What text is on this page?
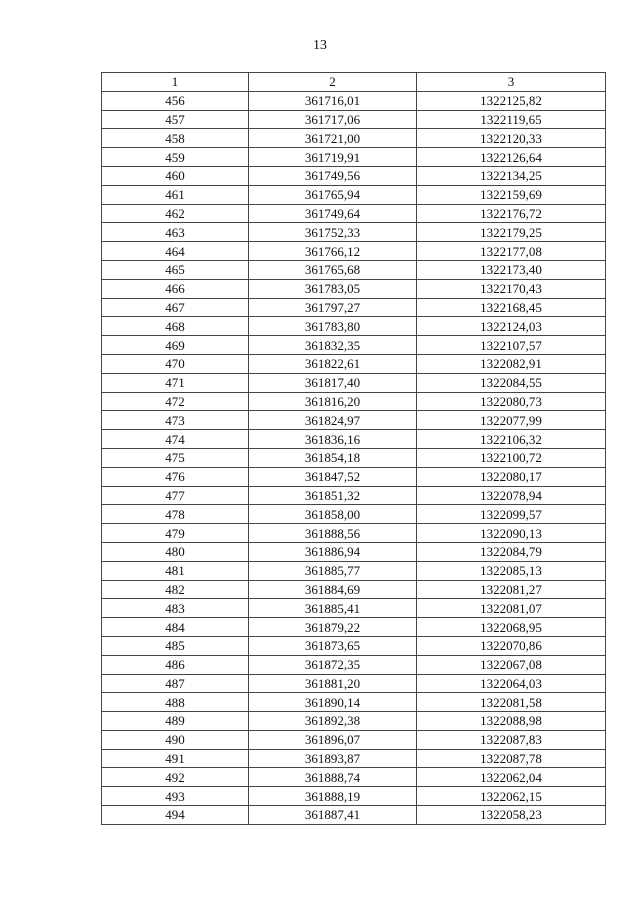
13
1	2	3
456	361716,01	1322125,82
457	361717,06	1322119,65
458	361721,00	1322120,33
459	361719,91	1322126,64
460	361749,56	1322134,25
461	361765,94	1322159,69
462	361749,64	1322176,72
463	361752,33	1322179,25
464	361766,12	1322177,08
465	361765,68	1322173,40
466	361783,05	1322170,43
467	361797,27	1322168,45
468	361783,80	1322124,03
469	361832,35	1322107,57
470	361822,61	1322082,91
471	361817,40	1322084,55
472	361816,20	1322080,73
473	361824,97	1322077,99
474	361836,16	1322106,32
475	361854,18	1322100,72
476	361847,52	1322080,17
477	361851,32	1322078,94
478	361858,00	1322099,57
479	361888,56	1322090,13
480	361886,94	1322084,79
481	361885,77	1322085,13
482	361884,69	1322081,27
483	361885,41	1322081,07
484	361879,22	1322068,95
485	361873,65	1322070,86
486	361872,35	1322067,08
487	361881,20	1322064,03
488	361890,14	1322081,58
489	361892,38	1322088,98
490	361896,07	1322087,83
491	361893,87	1322087,78
492	361888,74	1322062,04
493	361888,19	1322062,15
494	361887,41	1322058,23
